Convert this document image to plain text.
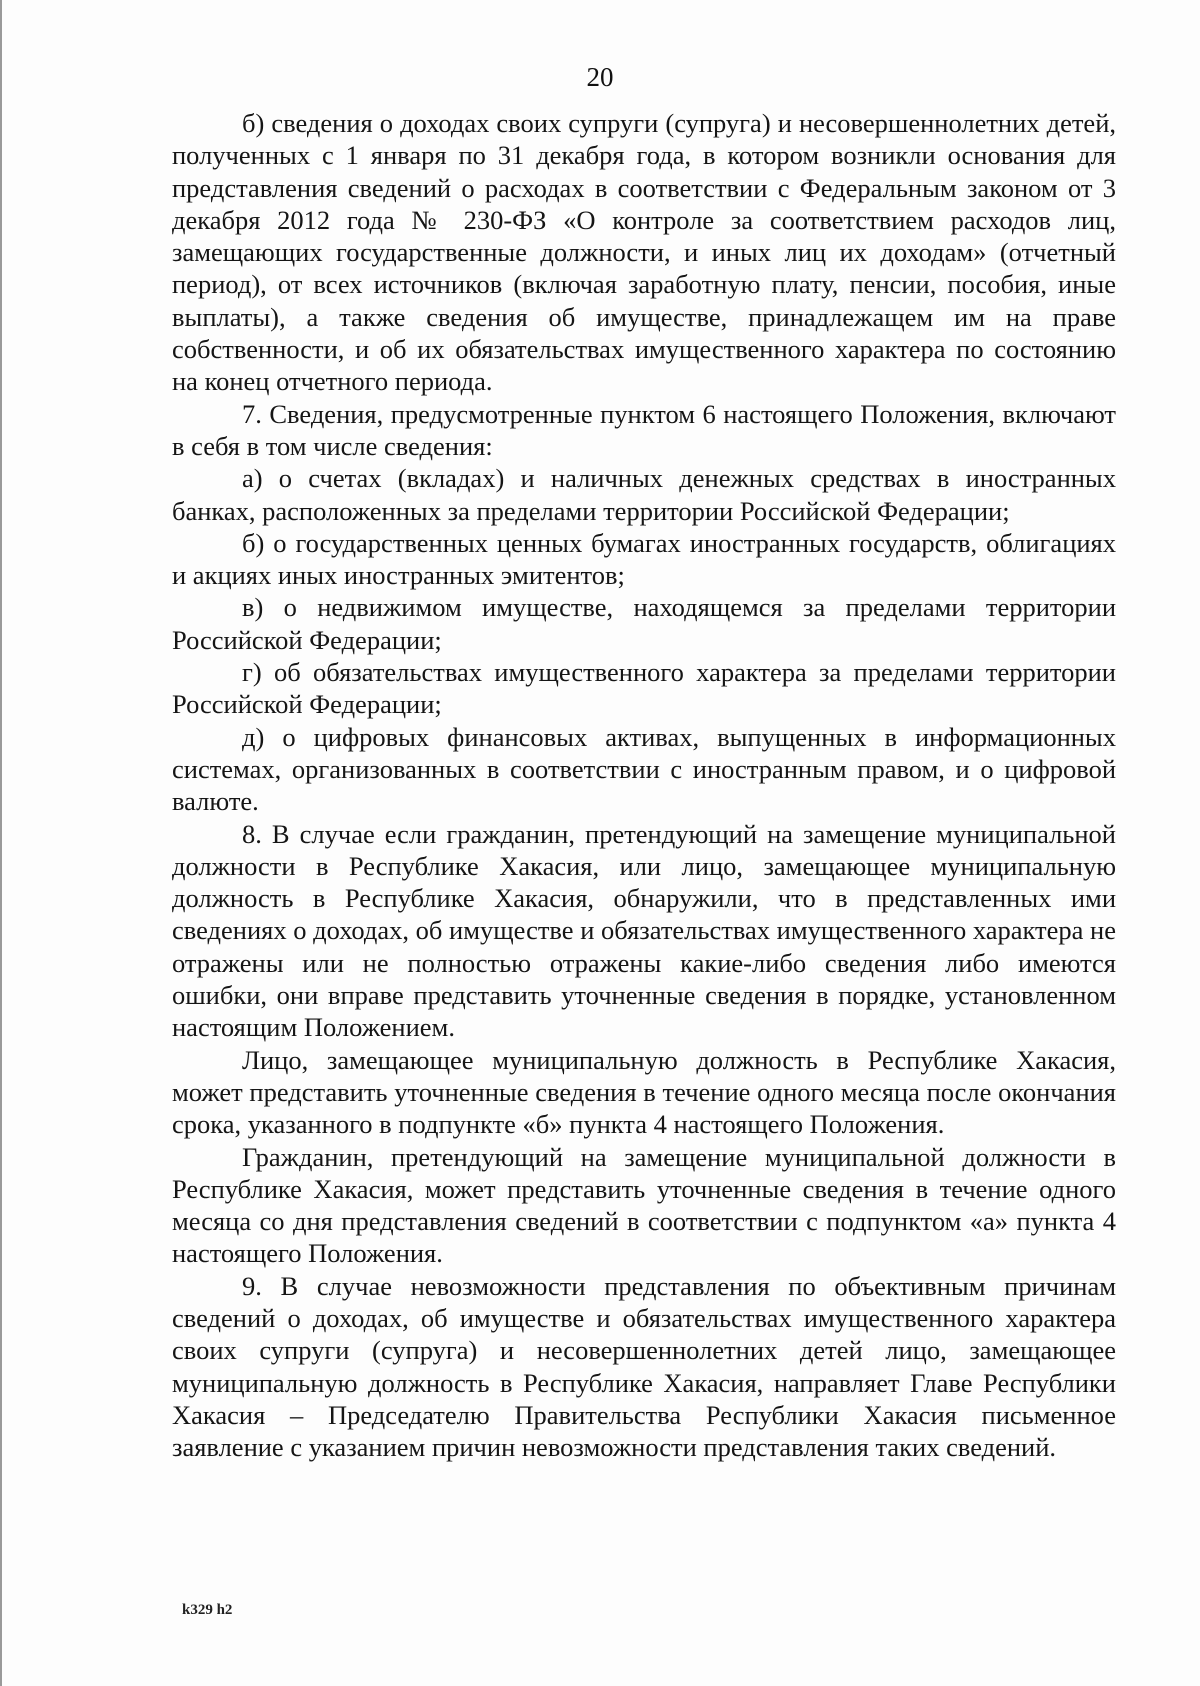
20

б) сведения о доходах своих супруги (супруга) и несовершеннолетних детей, полученных с 1 января по 31 декабря года, в котором возникли основания для представления сведений о расходах в соответствии с Федеральным законом от 3 декабря 2012 года № 230-ФЗ «О контроле за соответствием расходов лиц, замещающих государственные должности, и иных лиц их доходам» (отчетный период), от всех источников (включая заработную плату, пенсии, пособия, иные выплаты), а также сведения об имуществе, принадлежащем им на праве собственности, и об их обязательствах имущественного характера по состоянию на конец отчетного периода.

7. Сведения, предусмотренные пунктом 6 настоящего Положения, включают в себя в том числе сведения:

а) о счетах (вкладах) и наличных денежных средствах в иностранных банках, расположенных за пределами территории Российской Федерации;

б) о государственных ценных бумагах иностранных государств, облигациях и акциях иных иностранных эмитентов;

в) о недвижимом имуществе, находящемся за пределами территории Российской Федерации;

г) об обязательствах имущественного характера за пределами территории Российской Федерации;

д) о цифровых финансовых активах, выпущенных в информационных системах, организованных в соответствии с иностранным правом, и о цифровой валюте.

8. В случае если гражданин, претендующий на замещение муниципальной должности в Республике Хакасия, или лицо, замещающее муниципальную должность в Республике Хакасия, обнаружили, что в представленных ими сведениях о доходах, об имуществе и обязательствах имущественного характера не отражены или не полностью отражены какие-либо сведения либо имеются ошибки, они вправе представить уточненные сведения в порядке, установленном настоящим Положением.

Лицо, замещающее муниципальную должность в Республике Хакасия, может представить уточненные сведения в течение одного месяца после окончания срока, указанного в подпункте «б» пункта 4 настоящего Положения.

Гражданин, претендующий на замещение муниципальной должности в Республике Хакасия, может представить уточненные сведения в течение одного месяца со дня представления сведений в соответствии с подпунктом «а» пункта 4 настоящего Положения.

9. В случае невозможности представления по объективным причинам сведений о доходах, об имуществе и обязательствах имущественного характера своих супруги (супруга) и несовершеннолетних детей лицо, замещающее муниципальную должность в Республике Хакасия, направляет Главе Республики Хакасия – Председателю Правительства Республики Хакасия письменное заявление с указанием причин невозможности представления таких сведений.

k329 h2
